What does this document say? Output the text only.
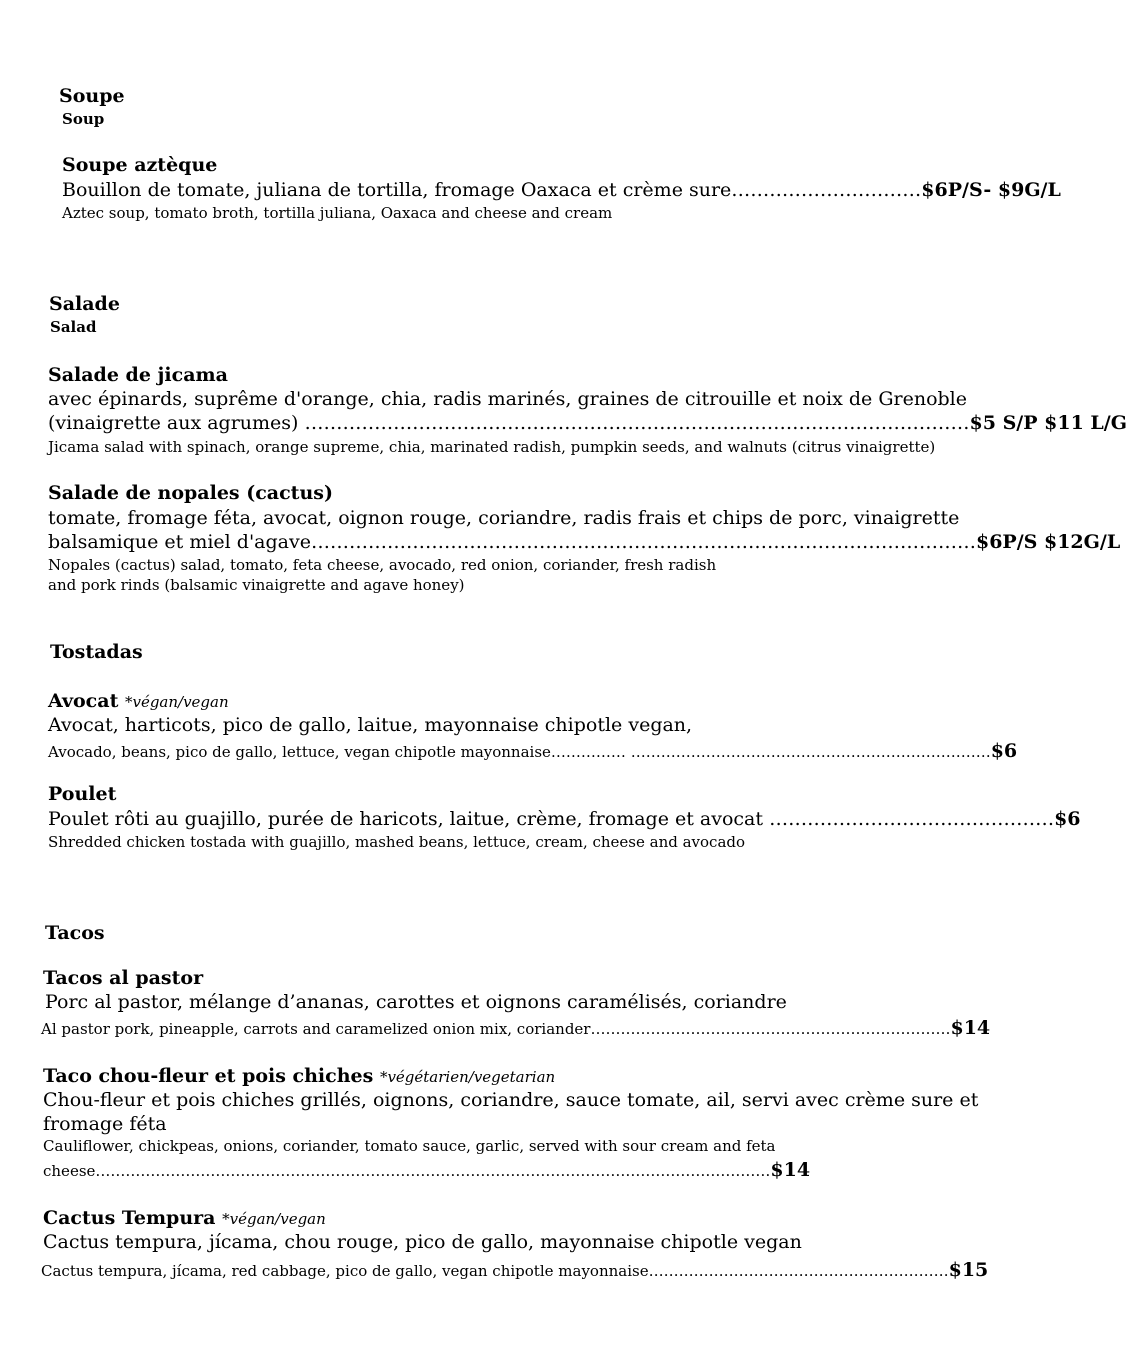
Soupe
Soup
Soupe aztèque
Bouillon de tomate, juliana de tortilla, fromage Oaxaca et crème sure…………………………$6P/S- $9G/L
Aztec soup, tomato broth, tortilla juliana, Oaxaca and cheese and cream
Salade
Salad
Salade de jicama
avec épinards, suprême d'orange, chia, radis marinés, graines de citrouille et noix de Grenoble
(vinaigrette aux agrumes) ……………………………………………………………………………………………$5 S/P $11 L/G
Jicama salad with spinach, orange supreme, chia, marinated radish, pumpkin seeds, and walnuts (citrus vinaigrette)
Salade de nopales (cactus)
tomate, fromage féta, avocat, oignon rouge, coriandre, radis frais et chips de porc, vinaigrette
balsamique et miel d'agave……………………………………………………………………………………………$6P/S $12G/L
Nopales (cactus) salad, tomato, feta cheese, avocado, red onion, coriander, fresh radish
and pork rinds (balsamic vinaigrette and agave honey)
Tostadas
Avocat *végan/vegan
Avocat, harticots, pico de gallo, laitue, mayonnaise chipotle vegan,
Avocado, beans, pico de gallo, lettuce, vegan chipotle mayonnaise…………… ………………………………………………………………$6
Poulet
Poulet rôti au guajillo, purée de haricots, laitue, crème, fromage et avocat ………………………………………$6
Shredded chicken tostada with guajillo, mashed beans, lettuce, cream, cheese and avocado
Tacos
Tacos al pastor
Porc al pastor, mélange d’ananas, carottes et oignons caramélisés, coriandre
Al pastor pork, pineapple, carrots and caramelized onion mix, coriander………………………………………………………………$14
Taco chou-fleur et pois chiches *végétarien/vegetarian
Chou-fleur et pois chiches grillés, oignons, coriandre, sauce tomate, ail, servi avec crème sure et
fromage féta
Cauliflower, chickpeas, onions, coriander, tomato sauce, garlic, served with sour cream and feta
cheese………………………………………………………………………………………………………………………$14
Cactus Tempura *végan/vegan
Cactus tempura, jícama, chou rouge, pico de gallo, mayonnaise chipotle vegan
Cactus tempura, jícama, red cabbage, pico de gallo, vegan chipotle mayonnaise……………………………………………………$15
